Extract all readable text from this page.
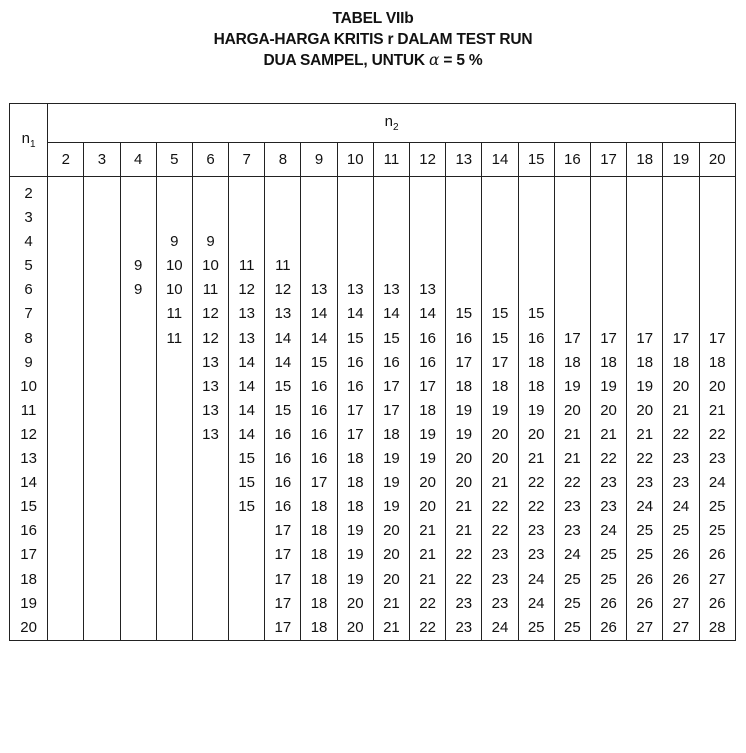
TABEL VIIb
HARGA-HARGA KRITIS r DALAM TEST RUN
DUA SAMPEL, UNTUK α = 5 %
$n_1$	$n_2$
	2	3	4	5	6	7	8	9	10	11	12	13	14	15	16	17	18	19	20
2																			
3																			
4				9	9														
5			9	10	10	11	11												
6			9	10	11	12	12	13	13	13	13								
7				11	12	13	13	14	14	14	14	15	15	15					
8				11	12	13	14	14	15	15	16	16	15	16	17	17	17	17	17
9					13	14	14	15	16	16	16	17	17	18	18	18	18	18	18
10					13	14	15	16	16	17	17	18	18	18	19	19	19	20	20
11					13	14	15	16	17	17	18	19	19	19	20	20	20	21	21
12					13	14	16	16	17	18	19	19	20	20	21	21	21	22	22
13						15	16	16	18	19	19	20	20	21	21	22	22	23	23
14						15	16	17	18	19	20	20	21	22	22	23	23	23	24
15						15	16	18	18	19	20	21	22	22	23	23	24	24	25
16							17	18	19	20	21	21	22	23	23	24	25	25	25
17							17	18	19	20	21	22	23	23	24	25	25	26	26
18							17	18	19	20	21	22	23	24	25	25	26	26	27
19							17	18	20	21	22	23	23	24	25	26	26	27	26
20							17	18	20	21	22	23	24	25	25	26	27	27	28
